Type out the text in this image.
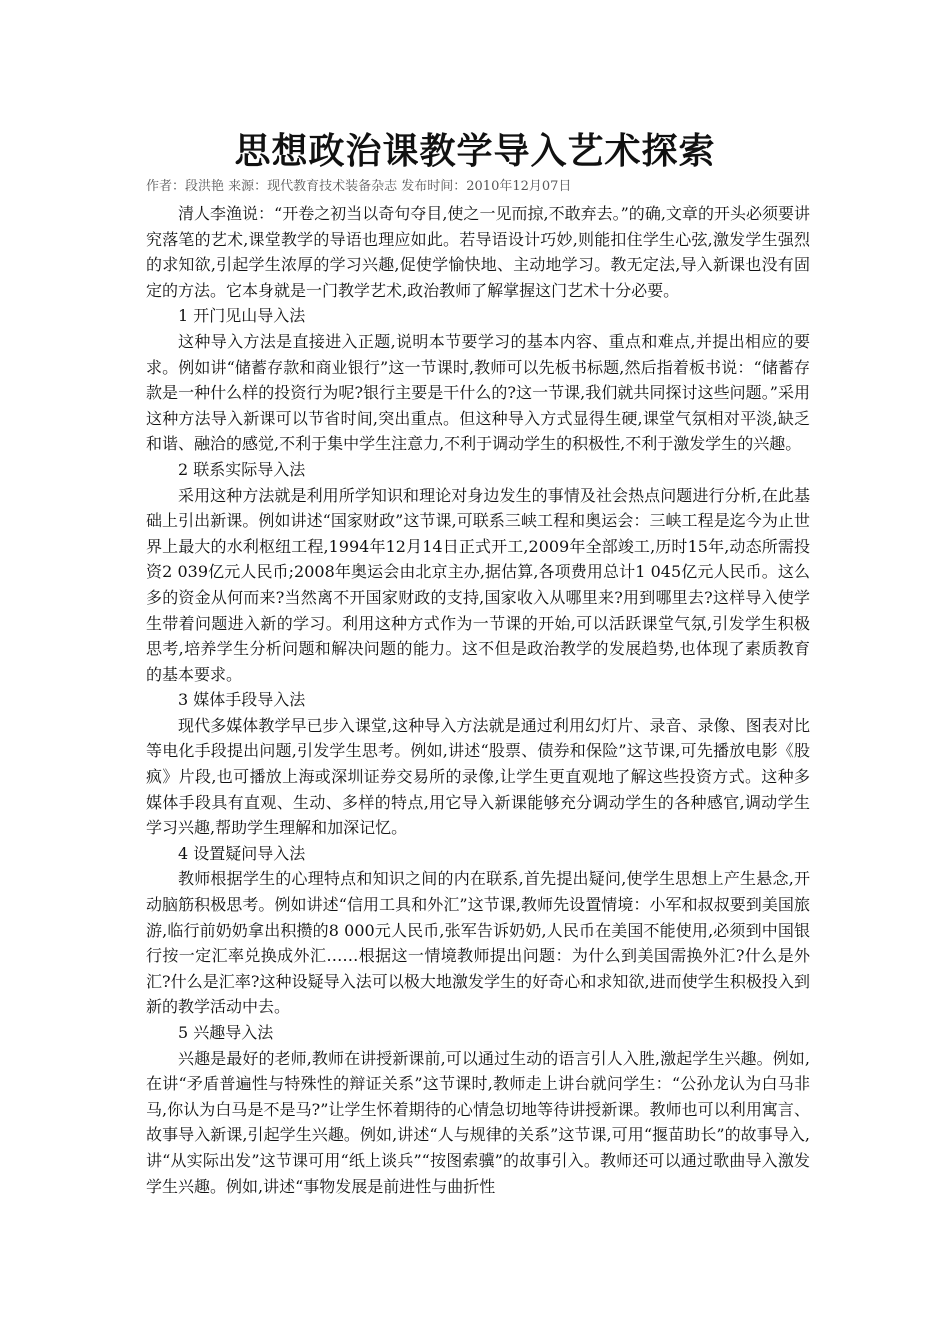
思想政治课教学导入艺术探索
作者：段洪艳 来源：现代教育技术装备杂志 发布时间：2010年12月07日

清人李渔说：“开卷之初当以奇句夺目,使之一见而掠,不敢弃去。”的确,文章的开头必须要讲究落笔的艺术,课堂教学的导语也理应如此。若导语设计巧妙,则能扣住学生心弦,激发学生强烈的求知欲,引起学生浓厚的学习兴趣,促使学愉快地、主动地学习。教无定法,导入新课也没有固定的方法。它本身就是一门教学艺术,政治教师了解掌握这门艺术十分必要。

1 开门见山导入法

这种导入方法是直接进入正题,说明本节要学习的基本内容、重点和难点,并提出相应的要求。例如讲“储蓄存款和商业银行”这一节课时,教师可以先板书标题,然后指着板书说：“储蓄存款是一种什么样的投资行为呢?银行主要是干什么的?这一节课,我们就共同探讨这些问题。”采用这种方法导入新课可以节省时间,突出重点。但这种导入方式显得生硬,课堂气氛相对平淡,缺乏和谐、融洽的感觉,不利于集中学生注意力,不利于调动学生的积极性,不利于激发学生的兴趣。

2 联系实际导入法

采用这种方法就是利用所学知识和理论对身边发生的事情及社会热点问题进行分析,在此基础上引出新课。例如讲述“国家财政”这节课,可联系三峡工程和奥运会：三峡工程是迄今为止世界上最大的水利枢纽工程,1994年12月14日正式开工,2009年全部竣工,历时15年,动态所需投资2 039亿元人民币;2008年奥运会由北京主办,据估算,各项费用总计1 045亿元人民币。这么多的资金从何而来?当然离不开国家财政的支持,国家收入从哪里来?用到哪里去?这样导入使学生带着问题进入新的学习。利用这种方式作为一节课的开始,可以活跃课堂气氛,引发学生积极思考,培养学生分析问题和解决问题的能力。这不但是政治教学的发展趋势,也体现了素质教育的基本要求。

3 媒体手段导入法

现代多媒体教学早已步入课堂,这种导入方法就是通过利用幻灯片、录音、录像、图表对比等电化手段提出问题,引发学生思考。例如,讲述“股票、债券和保险”这节课,可先播放电影《股疯》片段,也可播放上海或深圳证券交易所的录像,让学生更直观地了解这些投资方式。这种多媒体手段具有直观、生动、多样的特点,用它导入新课能够充分调动学生的各种感官,调动学生学习兴趣,帮助学生理解和加深记忆。

4 设置疑问导入法

教师根据学生的心理特点和知识之间的内在联系,首先提出疑问,使学生思想上产生悬念,开动脑筋积极思考。例如讲述“信用工具和外汇”这节课,教师先设置情境：小军和叔叔要到美国旅游,临行前奶奶拿出积攒的8 000元人民币,张军告诉奶奶,人民币在美国不能使用,必须到中国银行按一定汇率兑换成外汇……根据这一情境教师提出问题：为什么到美国需换外汇?什么是外汇?什么是汇率?这种设疑导入法可以极大地激发学生的好奇心和求知欲,进而使学生积极投入到新的教学活动中去。

5 兴趣导入法

兴趣是最好的老师,教师在讲授新课前,可以通过生动的语言引人入胜,激起学生兴趣。例如,在讲“矛盾普遍性与特殊性的辩证关系”这节课时,教师走上讲台就问学生：“公孙龙认为白马非马,你认为白马是不是马?”让学生怀着期待的心情急切地等待讲授新课。教师也可以利用寓言、故事导入新课,引起学生兴趣。例如,讲述“人与规律的关系”这节课,可用“揠苗助长”的故事导入,讲“从实际出发”这节课可用“纸上谈兵”“按图索骥”的故事引入。教师还可以通过歌曲导入激发学生兴趣。例如,讲述“事物发展是前进性与曲折性
